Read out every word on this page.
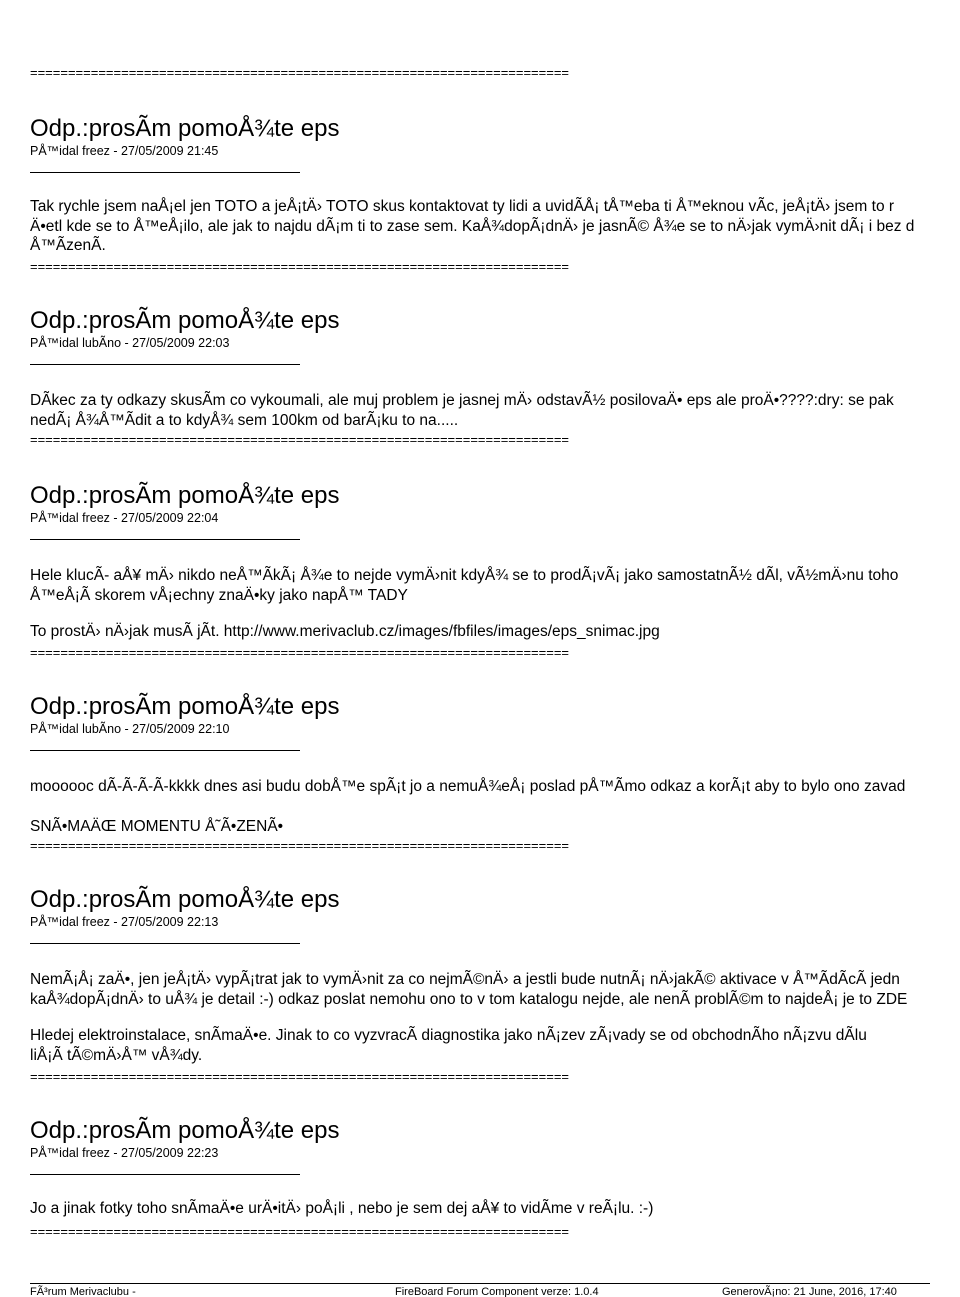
=======================================================================
Odp.:prosÃm pomoÅ¾te eps
PÅ™idal freez - 27/05/2009 21:45
Tak rychle jsem naÅ¡el jen TOTO a jeÅ¡tÄ› TOTO skus kontaktovat ty lidi a uvidÃÅ¡ tÅ™eba ti Å™eknou vÃc, jeÅ¡tÄ› jsem to r
Ä•etl kde se to Å™eÅ¡ilo, ale jak to najdu dÃ¡m ti to zase sem. KaÅ¾dopÃ¡dnÄ› je jasnÃ© Å¾e se to nÄ›jak vymÄ›nit dÃ¡ i bez d
Å™ÃzenÃ.
=======================================================================
Odp.:prosÃm pomoÅ¾te eps
PÅ™idal lubÃno - 27/05/2009 22:03
DÃkec za ty odkazy skusÃm co vykoumali, ale muj problem je jasnej mÄ› odstavÃ½ posilovaÄ• eps ale proÄ•????:dry: se pak
nedÃ¡ Å¾Å™Ãdit a to kdyÅ¾ sem 100km od barÃ¡ku to na.....
=======================================================================
Odp.:prosÃm pomoÅ¾te eps
PÅ™idal freez - 27/05/2009 22:04
Hele klucÃ- aÅ¥ mÄ› nikdo neÅ™ÃkÃ¡ Å¾e to nejde vymÄ›nit kdyÅ¾ se to prodÃ¡vÃ¡ jako samostatnÃ½ dÃl, vÃ½mÄ›nu toho
Å™eÅ¡Ã skorem vÅ¡echny znaÄ•ky jako napÅ™ TADY
To prostÄ› nÄ›jak musÃ jÃt. http://www.merivaclub.cz/images/fbfiles/images/eps_snimac.jpg
=======================================================================
Odp.:prosÃm pomoÅ¾te eps
PÅ™idal lubÃno - 27/05/2009 22:10
moooooc dÃ-Ã-Ã-Ã-kkkk dnes asi budu dobÅ™e spÃ¡t jo a nemuÅ¾eÅ¡ poslad pÅ™Ãmo odkaz a korÃ¡t aby to bylo ono zavad
SNÃ•MAÄŒ MOMENTU Å˜Ã•ZENÃ•
=======================================================================
Odp.:prosÃm pomoÅ¾te eps
PÅ™idal freez - 27/05/2009 22:13
NemÃ¡Å¡ zaÄ•, jen jeÅ¡tÄ› vypÃ¡trat jak to vymÄ›nit za co nejmÃ©nÄ› a jestli bude nutnÃ¡ nÄ›jakÃ© aktivace v Å™ÃdÃcÃ jedn
kaÅ¾dopÃ¡dnÄ› to uÅ¾ je detail :-) odkaz poslat nemohu ono to v tom katalogu nejde, ale nenÃ problÃ©m to najdeÅ¡ je to ZDE
Hledej elektroinstalace, snÃmaÄ•e. Jinak to co vyzvracÃ diagnostika jako nÃ¡zev zÃ¡vady se od obchodnÃho nÃ¡zvu dÃlu
liÅ¡Ã tÃ©mÄ›Å™ vÅ¾dy.
=======================================================================
Odp.:prosÃm pomoÅ¾te eps
PÅ™idal freez - 27/05/2009 22:23
Jo a jinak fotky toho snÃmaÄ•e urÄ•itÄ› poÅ¡li , nebo je sem dej aÅ¥ to vidÃme v reÃ¡lu. :-)
=======================================================================
FÃ³rum Merivaclubu -	FireBoard Forum Component verze: 1.0.4	GenerovÃ¡no: 21 June, 2016, 17:40
